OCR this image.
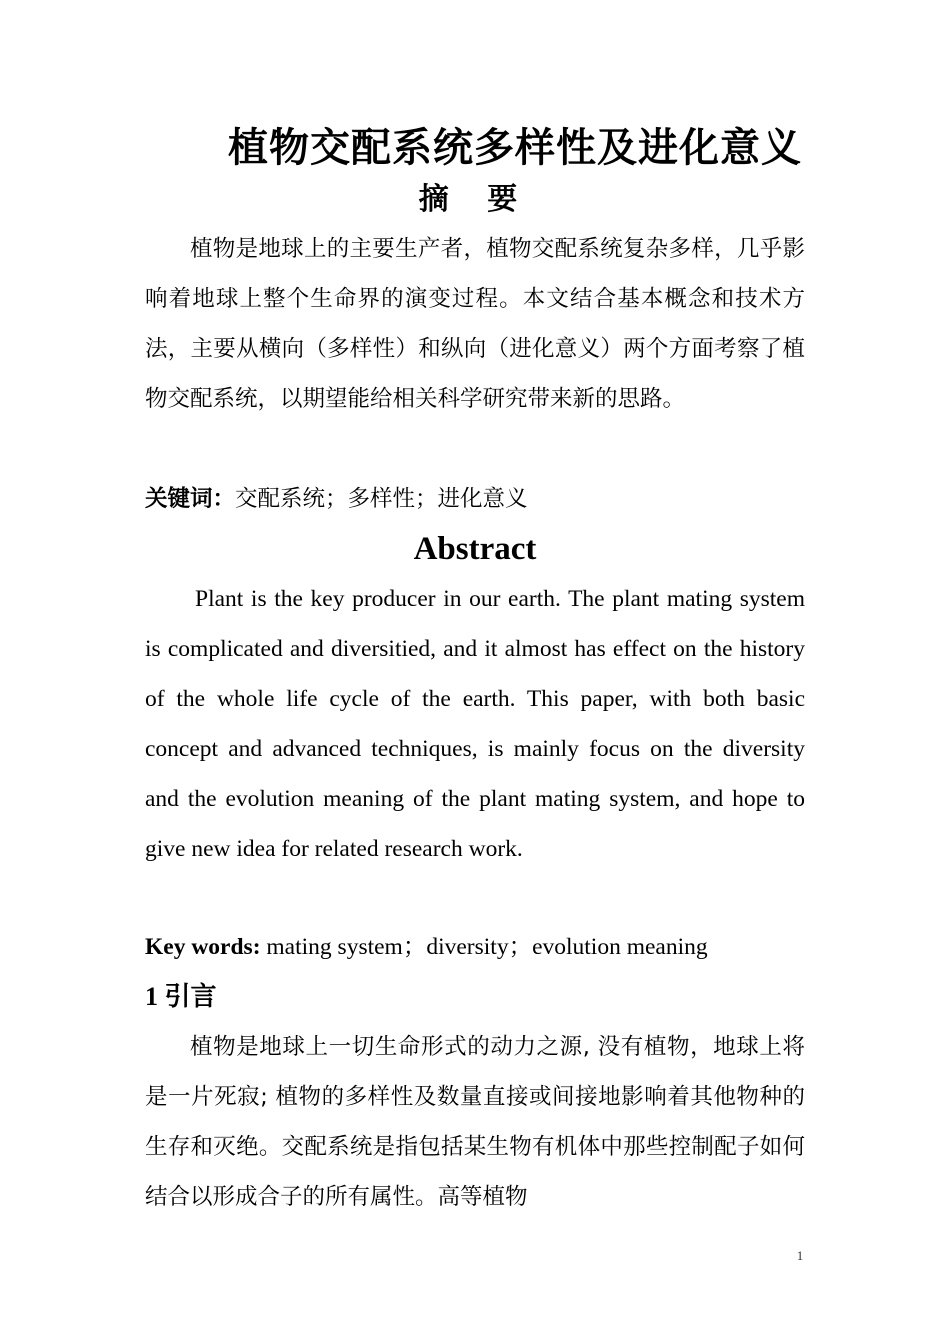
植物交配系统多样性及进化意义
摘 要

植物是地球上的主要生产者，植物交配系统复杂多样，几乎影响着地球上整个生命界的演变过程。本文结合基本概念和技术方法，主要从横向（多样性）和纵向（进化意义）两个方面考察了植物交配系统，以期望能给相关科学研究带来新的思路。

关键词：交配系统；多样性；进化意义

Abstract

Plant is the key producer in our earth. The plant mating system is complicated and diversitied, and it almost has effect on the history of the whole life cycle of the earth. This paper, with both basic concept and advanced techniques, is mainly focus on the diversity and the evolution meaning of the plant mating system, and hope to give new idea for related research work.

Key words: mating system；diversity；evolution meaning

1 引言

植物是地球上一切生命形式的动力之源, 没有植物，地球上将是一片死寂; 植物的多样性及数量直接或间接地影响着其他物种的生存和灭绝。交配系统是指包括某生物有机体中那些控制配子如何结合以形成合子的所有属性。高等植物

1
